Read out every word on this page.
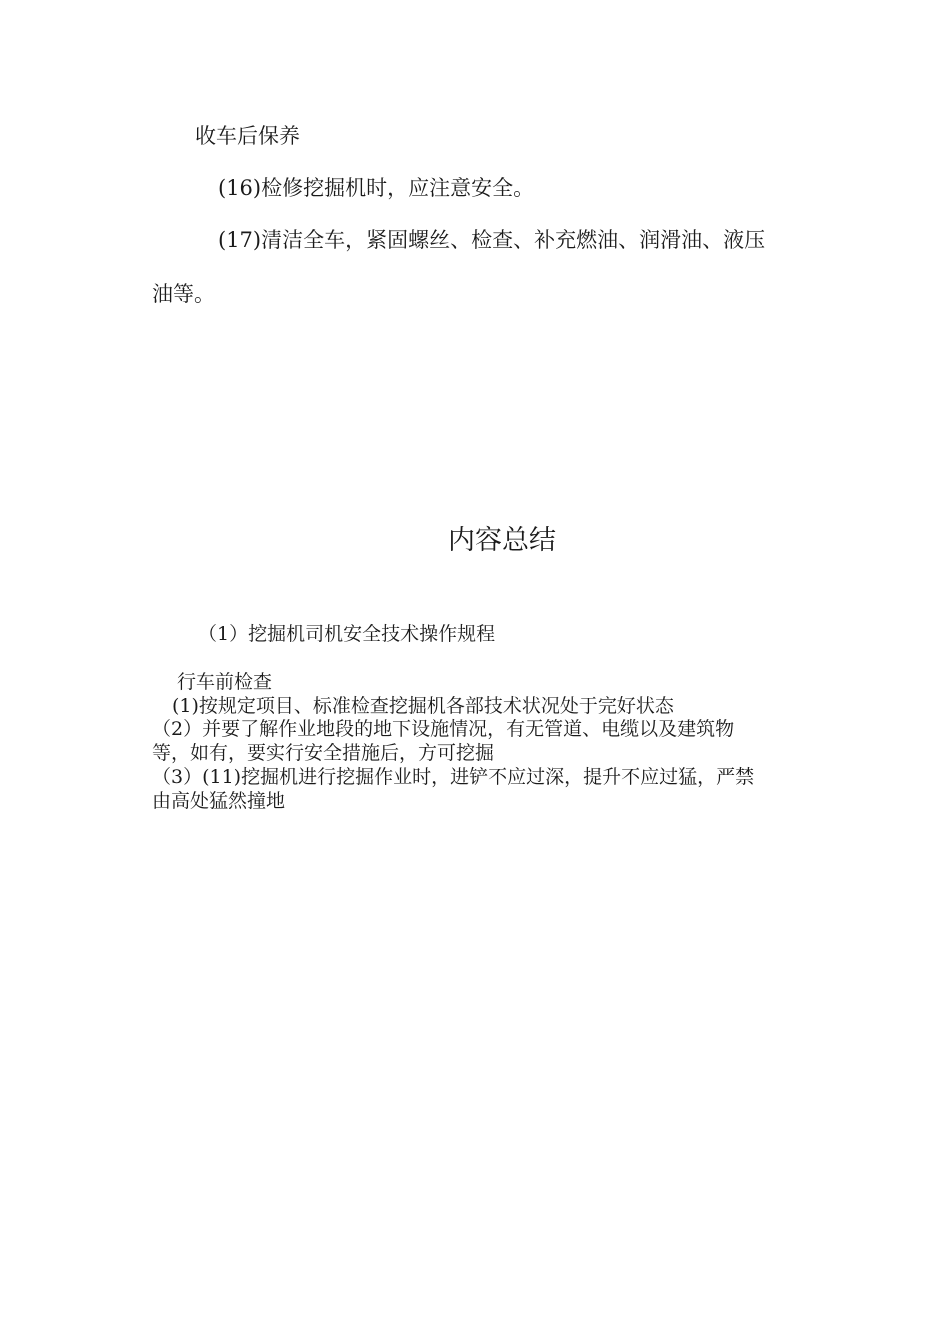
收车后保养

(16)检修挖掘机时，应注意安全。

(17)清洁全车，紧固螺丝、检查、补充燃油、润滑油、液压

油等。

内容总结

（1）挖掘机司机安全技术操作规程

行车前检查

(1)按规定项目、标准检查挖掘机各部技术状况处于完好状态

（2）并要了解作业地段的地下设施情况，有无管道、电缆以及建筑物

等，如有，要实行安全措施后，方可挖掘

（3）(11)挖掘机进行挖掘作业时，进铲不应过深，提升不应过猛，严禁

由高处猛然撞地
